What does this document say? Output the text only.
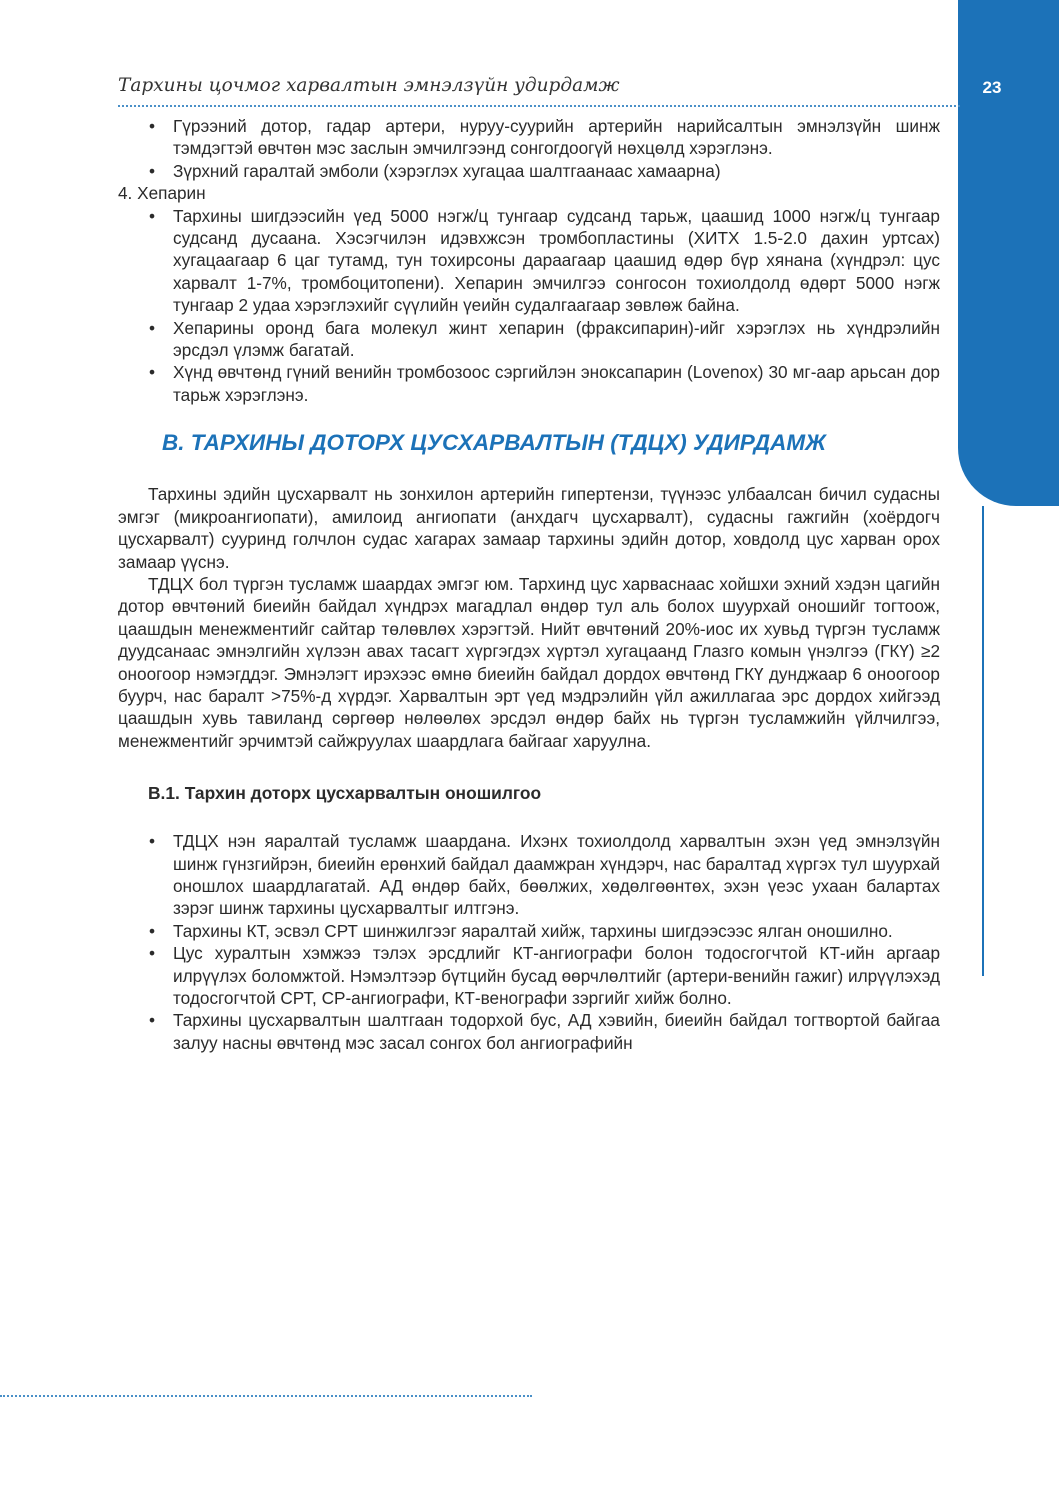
23
Тархины цочмог харвалтын эмнэлзүйн удирдамж
• Гүрээний дотор, гадар артери, нуруу-суурийн артерийн нарийсалтын эмнэлзүйн шинж тэмдэгтэй өвчтөн мэс заслын эмчилгээнд сонгогдоогүй нөхцөлд хэрэглэнэ.
• Зүрхний гаралтай эмболи (хэрэглэх хугацаа шалтгаанаас хамаарна)

4. Хепарин

• Тархины шигдээсийн үед 5000 нэгж/ц тунгаар судсанд тарьж, цаашид 1000 нэгж/ц тунгаар судсанд дусаана. Хэсэгчилэн идэвхжсэн тромбопластины (ХИТХ 1.5-2.0 дахин уртсах) хугацаагаар 6 цаг тутамд, тун тохирсоны дараагаар цаашид өдөр бүр хянана (хүндрэл: цус харвалт 1-7%, тромбоцитопени). Хепарин эмчилгээ сонгосон тохиолдолд өдөрт 5000 нэгж тунгаар 2 удаа хэрэглэхийг сүүлийн үеийн судалгаагаар зөвлөж байна.
• Хепарины оронд бага молекул жинт хепарин (фраксипарин)-ийг хэрэглэх нь хүндрэлийн эрсдэл үлэмж багатай.
• Хүнд өвчтөнд гүний венийн тромбозоос сэргийлэн эноксапарин (Lovenox) 30 мг-аар арьсан дор тарьж хэрэглэнэ.
В. ТАРХИНЫ ДОТОРХ ЦУСХАРВАЛТЫН (ТДЦХ) УДИРДАМЖ

Тархины эдийн цусхарвалт нь зонхилон артерийн гипертензи, түүнээс улбаалсан бичил судасны эмгэг (микроангиопати), амилоид ангиопати (анхдагч цусхарвалт), судасны гажгийн (хоёрдогч цусхарвалт) сууринд голчлон судас хагарах замаар тархины эдийн дотор, ховдолд цус харван орох замаар үүснэ.

ТДЦХ бол түргэн тусламж шаардах эмгэг юм. Тархинд цус харваснаас хойшхи эхний хэдэн цагийн дотор өвчтөний биеийн байдал хүндрэх магадлал өндөр тул аль болох шуурхай оношийг тогтоож, цаашдын менежментийг сайтар төлөвлөх хэрэгтэй. Нийт өвчтөний 20%-иос их хувьд түргэн тусламж дуудсанаас эмнэлгийн хүлээн авах тасагт хүргэгдэх хүртэл хугацаанд Глазго комын үнэлгээ (ГКҮ) ≥2 оноогоор нэмэгддэг. Эмнэлэгт ирэхээс өмнө биеийн байдал дордох өвчтөнд ГКҮ дунджаар 6 оноогоор буурч, нас баралт >75%-д хүрдэг. Харвалтын эрт үед мэдрэлийн үйл ажиллагаа эрс дордох хийгээд цаашдын хувь тавиланд сөргөөр нөлөөлөх эрсдэл өндөр байх нь түргэн тусламжийн үйлчилгээ, менежментийг эрчимтэй сайжруулах шаардлага байгааг харуулна.

В.1. Тархин доторх цусхарвалтын оношилгоо
• ТДЦХ нэн яаралтай тусламж шаардана. Ихэнх тохиолдолд харвалтын эхэн үед эмнэлзүйн шинж гүнзгийрэн, биеийн ерөнхий байдал даамжран хүндэрч, нас баралтад хүргэх тул шуурхай оношлох шаардлагатай. АД өндөр байх, бөөлжих, хөдөлгөөнтөх, эхэн үеэс ухаан балартах зэрэг шинж тархины цусхарвалтыг илтгэнэ.
• Тархины КТ, эсвэл СРТ шинжилгээг яаралтай хийж, тархины шигдээсээс ялган оношилно.
• Цус хуралтын хэмжээ тэлэх эрсдлийг КТ-ангиографи болон тодосгогчтой КТ-ийн аргаар илрүүлэх боломжтой. Нэмэлтээр бүтцийн бусад өөрчлөлтийг (артери-венийн гажиг) илрүүлэхэд тодосгогчтой СРТ, СР-ангиографи, КТ-венографи зэргийг хийж болно.
• Тархины цусхарвалтын шалтгаан тодорхой бус, АД хэвийн, биеийн байдал тогтвортой байгаа залуу насны өвчтөнд мэс засал сонгох бол ангиографийн
